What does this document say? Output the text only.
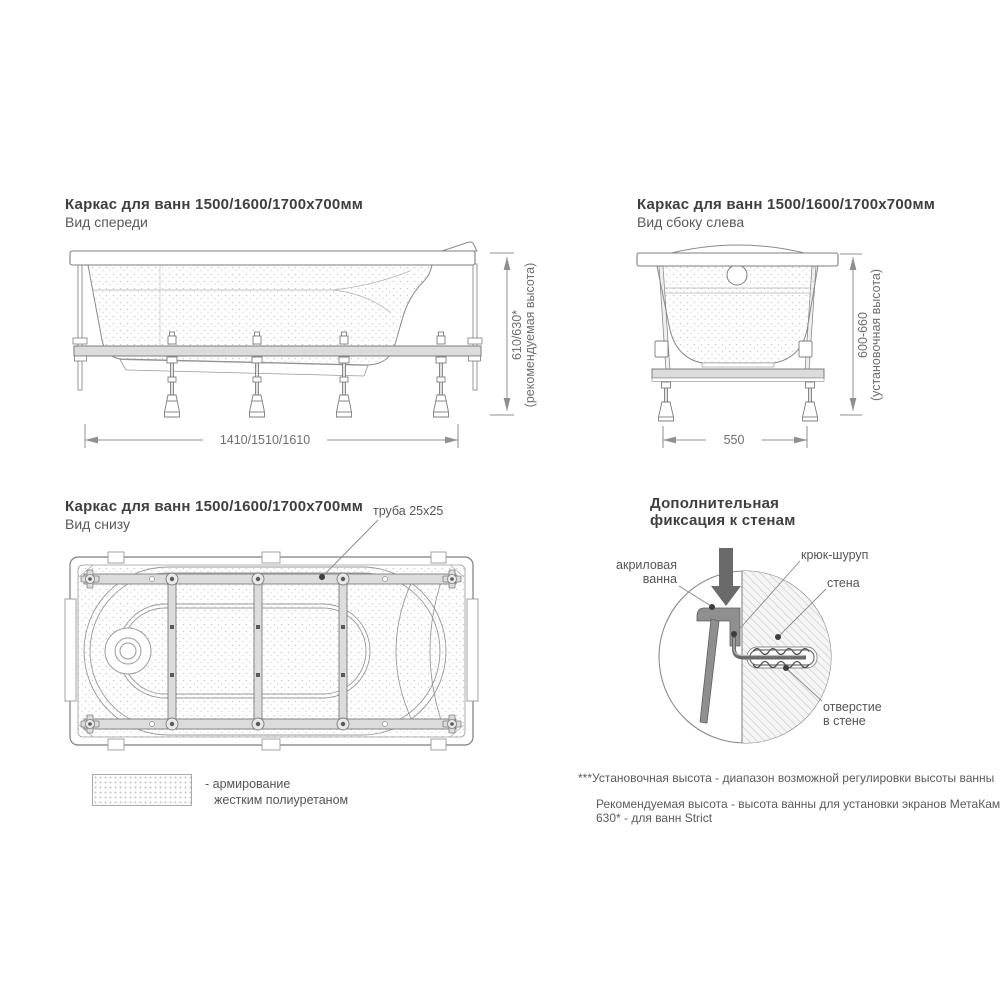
Каркас для ванн 1500/1600/1700х700мм
Вид спереди
1410/1510/1610
610/630* (рекомендуемая высота)
Каркас для ванн 1500/1600/1700х700мм
Вид сбоку слева
550
600-660 (установочная высота)
Каркас для ванн 1500/1600/1700х700мм
Вид снизу
труба 25х25	Дополнительная
фиксация к стенам
акриловая
ванна
крюк-шуруп
стена
отверстие
в стене
- армирование
жестким полиуретаном
***Установочная высота - диапазон возможной регулировки высоты ванны
Рекомендуемая высота - высота ванны для установки экранов МетаКам
630* - для ванн Strict
